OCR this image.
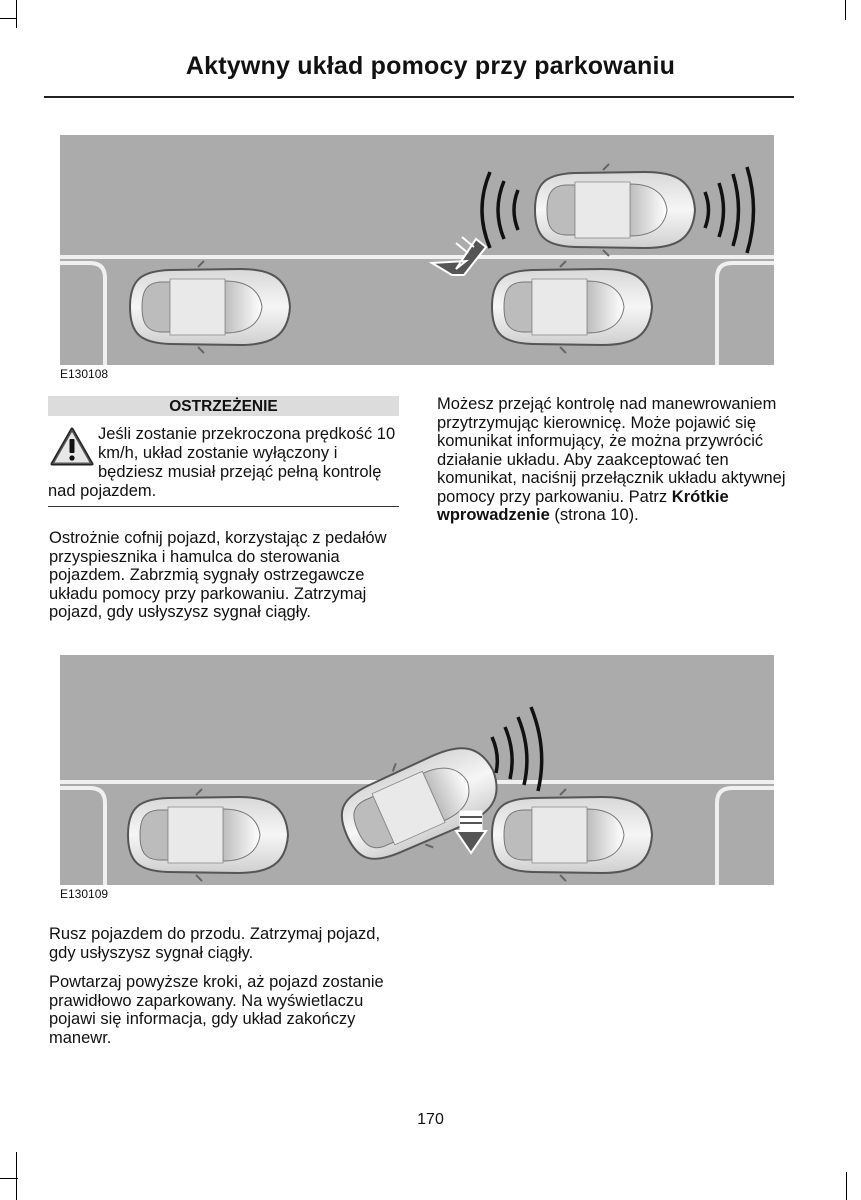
Aktywny układ pomocy przy parkowaniu
E130108
OSTRZEŻENIE
Jeśli zostanie przekroczona prędkość 10 km/h, układ zostanie wyłączony i będziesz musiał przejąć pełną kontrolę nad pojazdem.

Ostrożnie cofnij pojazd, korzystając z pedałów przyspiesznika i hamulca do sterowania pojazdem. Zabrzmią sygnały ostrzegawcze układu pomocy przy parkowaniu. Zatrzymaj pojazd, gdy usłyszysz sygnał ciągły.

Możesz przejąć kontrolę nad manewrowaniem przytrzymując kierownicę. Może pojawić się komunikat informujący, że można przywrócić działanie układu. Aby zaakceptować ten komunikat, naciśnij przełącznik układu aktywnej pomocy przy parkowaniu. Patrz Krótkie wprowadzenie (strona 10).

E130109

Rusz pojazdem do przodu. Zatrzymaj pojazd, gdy usłyszysz sygnał ciągły.

Powtarzaj powyższe kroki, aż pojazd zostanie prawidłowo zaparkowany. Na wyświetlaczu pojawi się informacja, gdy układ zakończy manewr.

170
